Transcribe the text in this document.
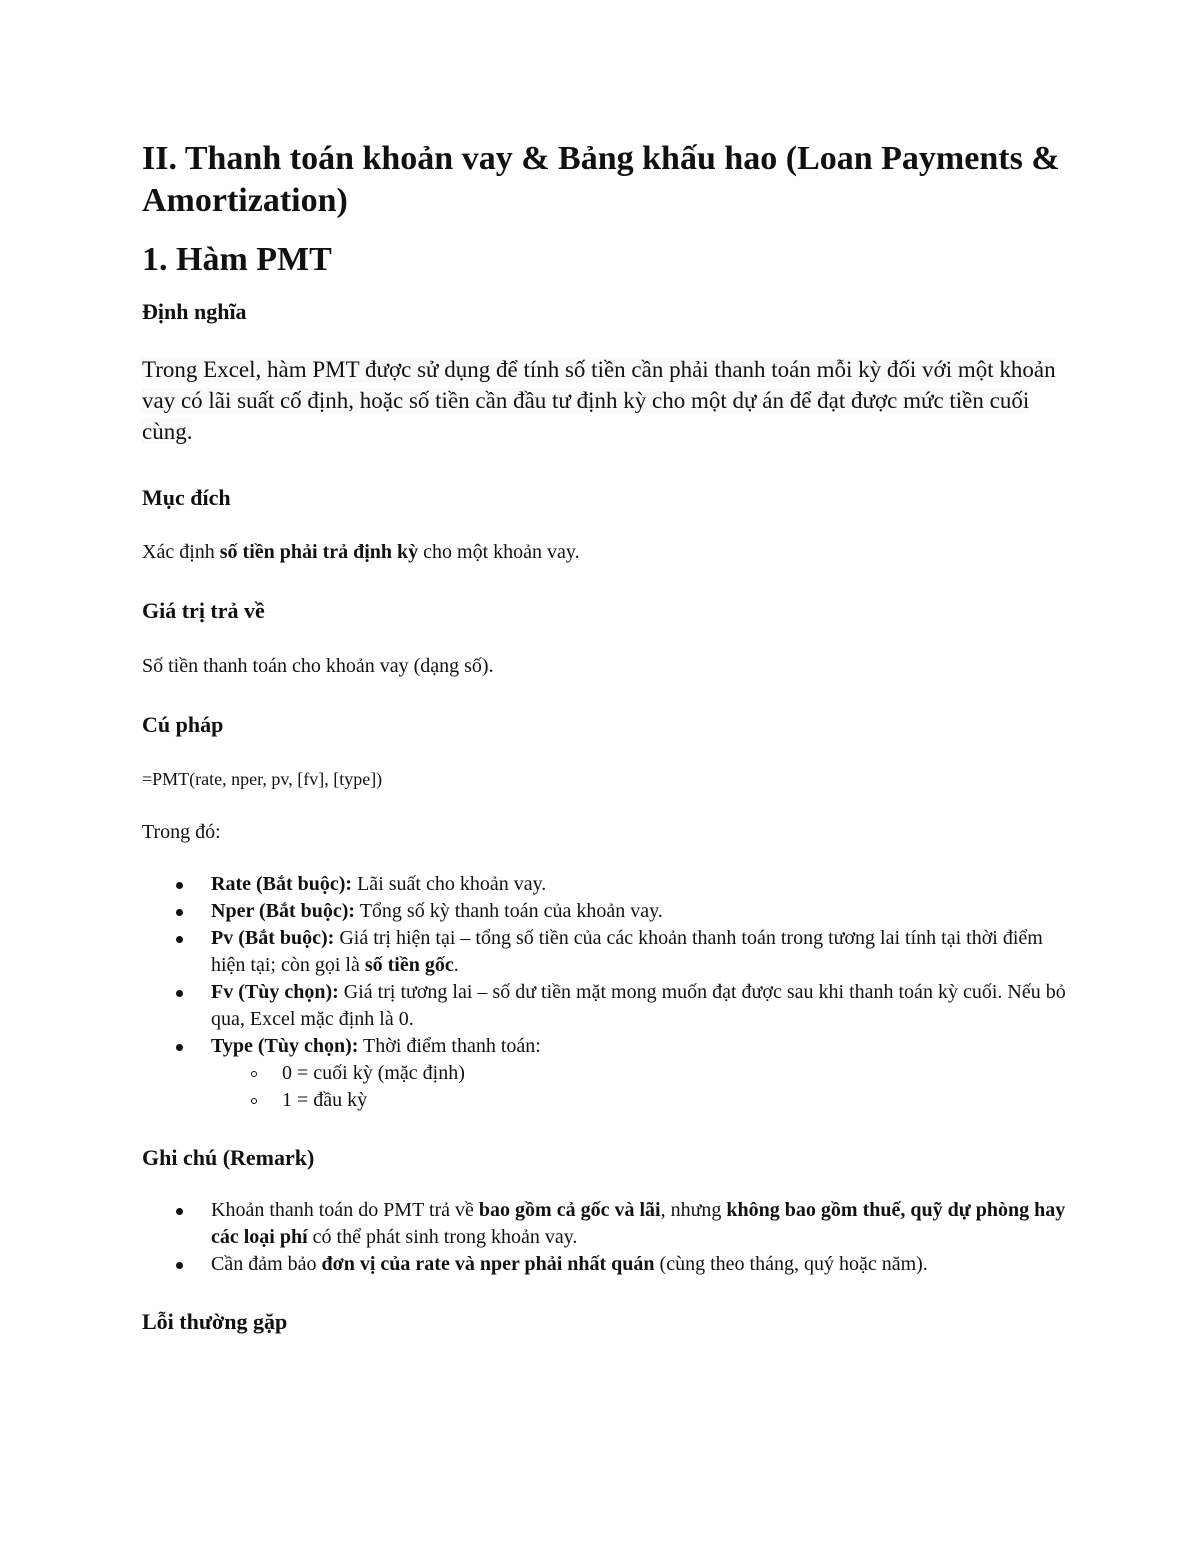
II. Thanh toán khoản vay & Bảng khấu hao (Loan Payments & Amortization)
1. Hàm PMT
Định nghĩa

Trong Excel, hàm PMT được sử dụng để tính số tiền cần phải thanh toán mỗi kỳ đối với một khoản vay có lãi suất cố định, hoặc số tiền cần đầu tư định kỳ cho một dự án để đạt được mức tiền cuối cùng.

Mục đích

Xác định số tiền phải trả định kỳ cho một khoản vay.

Giá trị trả về

Số tiền thanh toán cho khoản vay (dạng số).

Cú pháp

=PMT(rate, nper, pv, [fv], [type])

Trong đó:

Rate (Bắt buộc): Lãi suất cho khoản vay.
Nper (Bắt buộc): Tổng số kỳ thanh toán của khoản vay.
Pv (Bắt buộc): Giá trị hiện tại – tổng số tiền của các khoản thanh toán trong tương lai tính tại thời điểm hiện tại; còn gọi là số tiền gốc.
Fv (Tùy chọn): Giá trị tương lai – số dư tiền mặt mong muốn đạt được sau khi thanh toán kỳ cuối. Nếu bỏ qua, Excel mặc định là 0.
Type (Tùy chọn): Thời điểm thanh toán:
0 = cuối kỳ (mặc định)
1 = đầu kỳ
Ghi chú (Remark)
Khoản thanh toán do PMT trả về bao gồm cả gốc và lãi, nhưng không bao gồm thuế, quỹ dự phòng hay các loại phí có thể phát sinh trong khoản vay.
Cần đảm bảo đơn vị của rate và nper phải nhất quán (cùng theo tháng, quý hoặc năm).
Lỗi thường gặp
